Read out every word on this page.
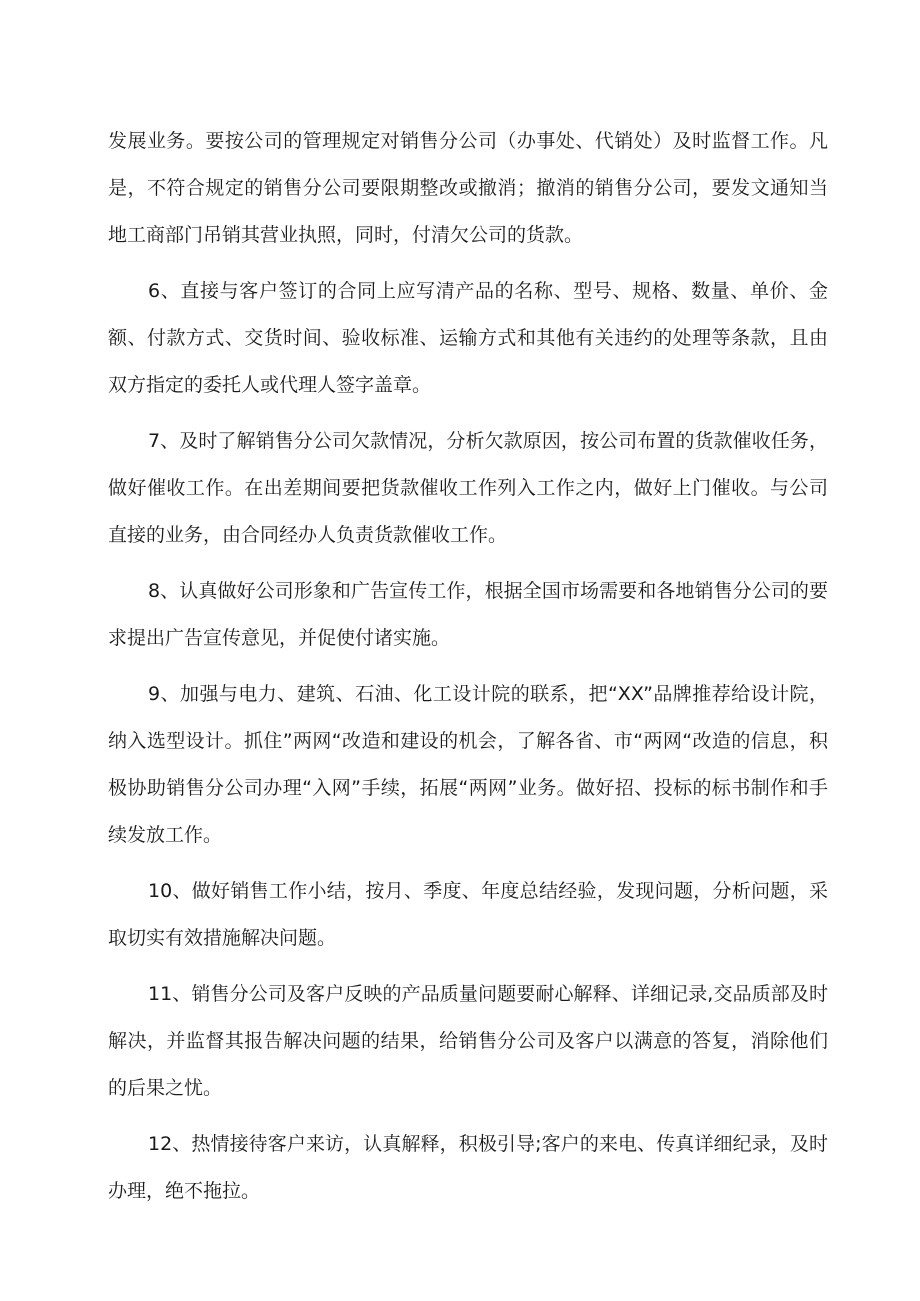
发展业务。要按公司的管理规定对销售分公司（办事处、代销处）及时监督工作。凡是，不符合规定的销售分公司要限期整改或撤消；撤消的销售分公司，要发文通知当地工商部门吊销其营业执照，同时，付清欠公司的货款。

6、直接与客户签订的合同上应写清产品的名称、型号、规格、数量、单价、金额、付款方式、交货时间、验收标准、运输方式和其他有关违约的处理等条款，且由双方指定的委托人或代理人签字盖章。

7、及时了解销售分公司欠款情况，分析欠款原因，按公司布置的货款催收任务，做好催收工作。在出差期间要把货款催收工作列入工作之内，做好上门催收。与公司直接的业务，由合同经办人负责货款催收工作。

8、认真做好公司形象和广告宣传工作，根据全国市场需要和各地销售分公司的要求提出广告宣传意见，并促使付诸实施。

9、加强与电力、建筑、石油、化工设计院的联系，把“XX”品牌推荐给设计院，纳入选型设计。抓住”两网“改造和建设的机会，了解各省、市“两网“改造的信息，积极协助销售分公司办理“入网”手续，拓展“两网”业务。做好招、投标的标书制作和手续发放工作。

10、做好销售工作小结，按月、季度、年度总结经验，发现问题，分析问题，采取切实有效措施解决问题。

11、销售分公司及客户反映的产品质量问题要耐心解释、详细记录,交品质部及时解决，并监督其报告解决问题的结果，给销售分公司及客户以满意的答复，消除他们的后果之忧。

12、热情接待客户来访，认真解释，积极引导;客户的来电、传真详细纪录，及时办理，绝不拖拉。
